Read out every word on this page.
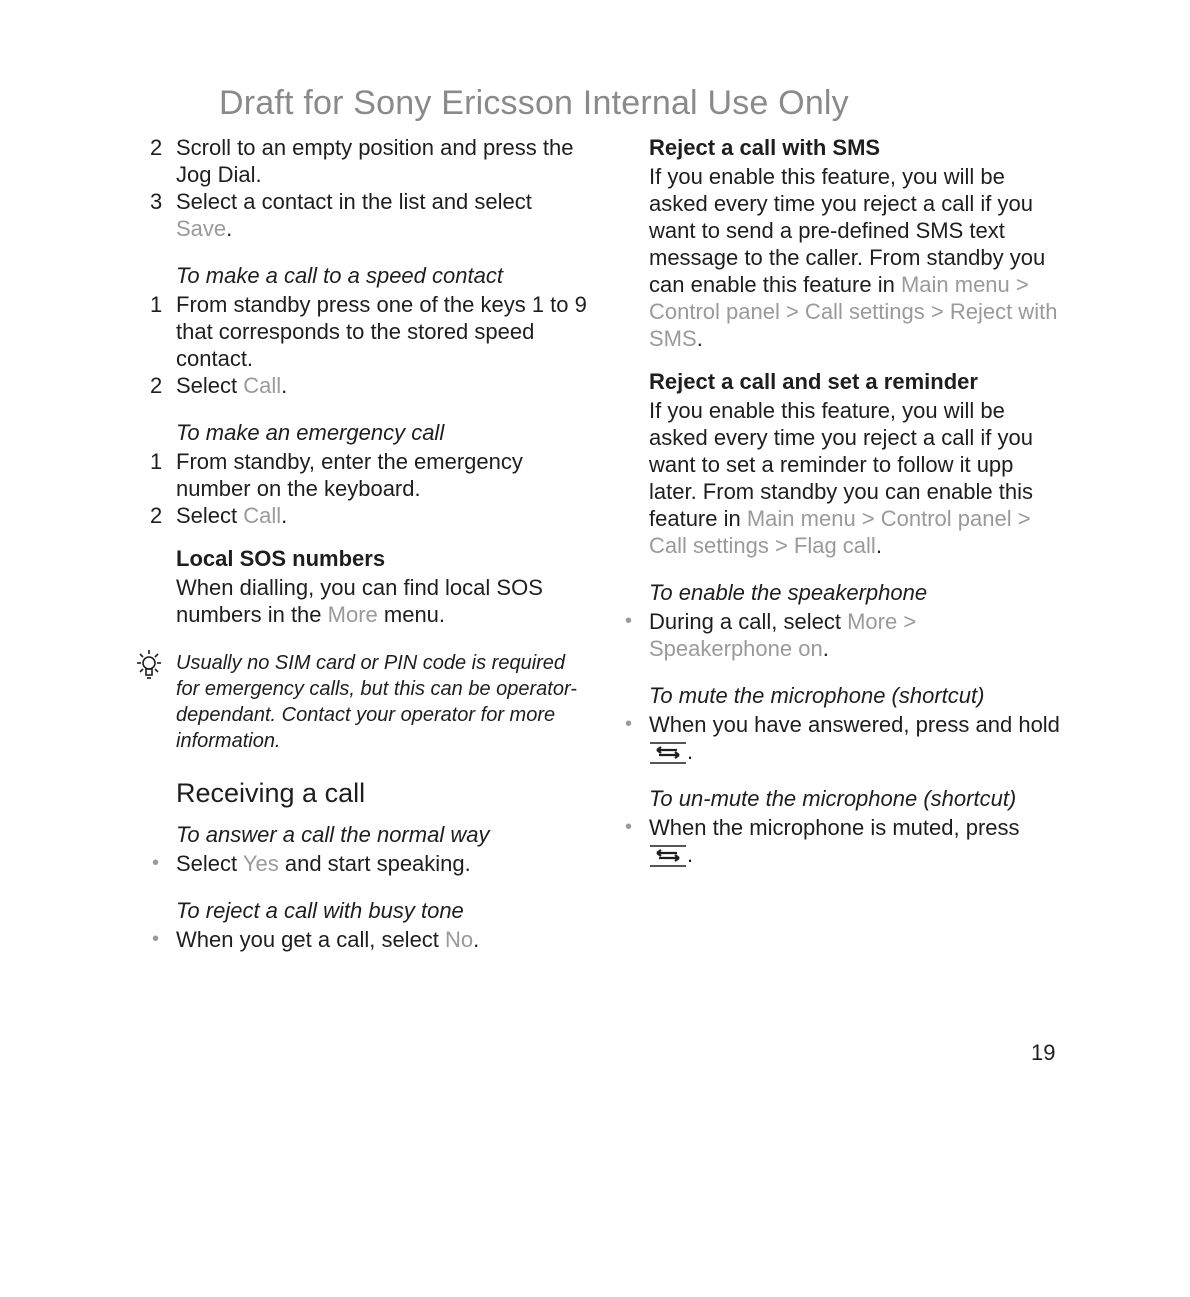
Draft for Sony Ericsson Internal Use Only
2 Scroll to an empty position and press the Jog Dial.
3 Select a contact in the list and select Save.
To make a call to a speed contact
1 From standby press one of the keys 1 to 9 that corresponds to the stored speed contact.
2 Select Call.
To make an emergency call
1 From standby, enter the emergency number on the keyboard.
2 Select Call.
Local SOS numbers
When dialling, you can find local SOS numbers in the More menu.
Usually no SIM card or PIN code is required for emergency calls, but this can be operator-dependant. Contact your operator for more information.
Receiving a call
To answer a call the normal way
• Select Yes and start speaking.
To reject a call with busy tone
• When you get a call, select No.
Reject a call with SMS
If you enable this feature, you will be asked every time you reject a call if you want to send a pre-defined SMS text message to the caller. From standby you can enable this feature in Main menu > Control panel > Call settings > Reject with SMS.
Reject a call and set a reminder
If you enable this feature, you will be asked every time you reject a call if you want to set a reminder to follow it upp later. From standby you can enable this feature in Main menu > Control panel > Call settings > Flag call.
To enable the speakerphone
• During a call, select More > Speakerphone on.
To mute the microphone (shortcut)
• When you have answered, press and hold .
To un-mute the microphone (shortcut)
• When the microphone is muted, press .
19
